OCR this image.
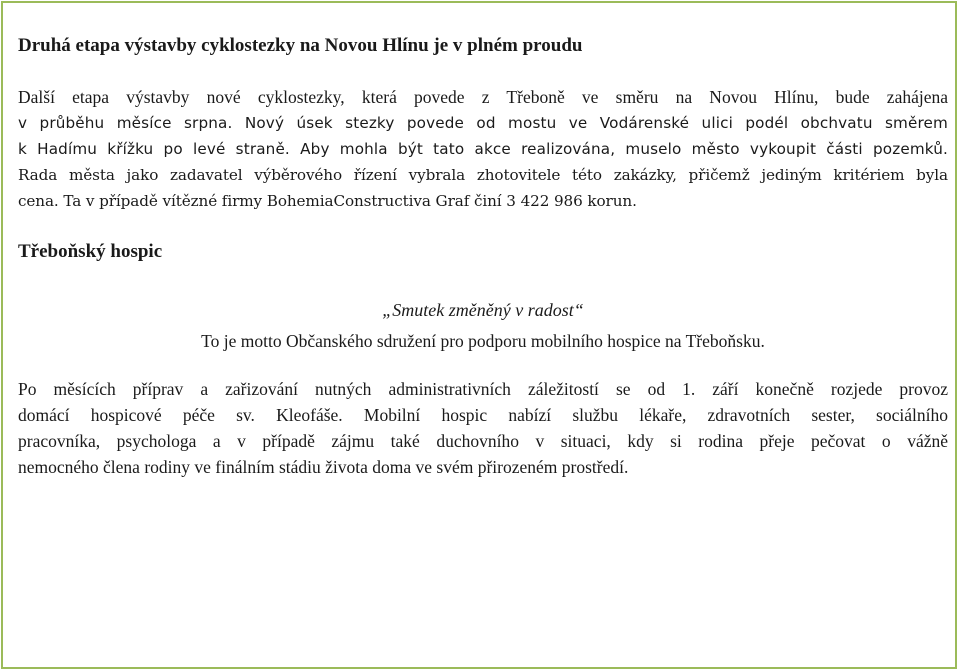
Druhá etapa výstavby cyklostezky na Novou Hlínu je v plném proudu
Další etapa výstavby nové cyklostezky, která povede z Třeboně ve směru na Novou Hlínu, bude zahájena
v průběhu měsíce srpna. Nový úsek stezky povede od mostu ve Vodárenské ulici podél obchvatu směrem
k Hadímu křížku po levé straně. Aby mohla být tato akce realizována, muselo město vykoupit části pozemků.
Rada města jako zadavatel výběrového řízení vybrala zhotovitele této zakázky, přičemž jediným kritériem byla
cena. Ta v případě vítězné firmy BohemiaConstructiva Graf činí 3 422 986 korun.
Třeboňský hospic

„Smutek změněný v radost“

To je motto Občanského sdružení pro podporu mobilního hospice na Třeboňsku.

Po měsících příprav a zařizování nutných administrativních záležitostí se od 1. září konečně rozjede provoz
domácí hospicové péče sv. Kleofáše. Mobilní hospic nabízí službu lékaře, zdravotních sester, sociálního
pracovníka, psychologa a v případě zájmu také duchovního v situaci, kdy si rodina přeje pečovat o vážně
nemocného člena rodiny ve finálním stádiu života doma ve svém přirozeném prostředí.
